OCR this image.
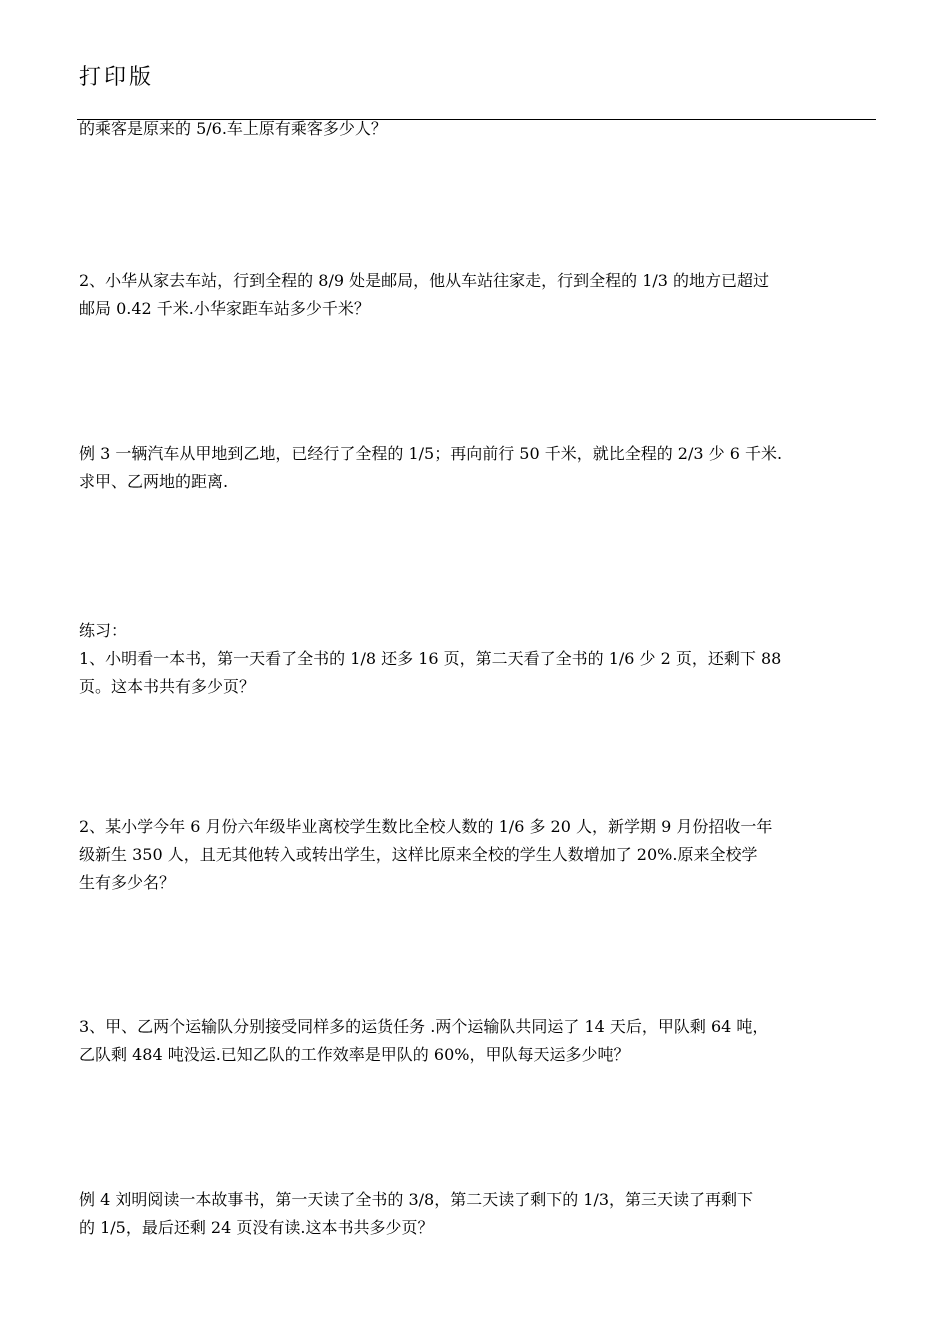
打印版

的乘客是原来的 5/6.车上原有乘客多少人？

2、小华从家去车站，行到全程的 8/9 处是邮局，他从车站往家走，行到全程的 1/3 的地方已超过

邮局 0.42 千米.小华家距车站多少千米？

例 3 一辆汽车从甲地到乙地，已经行了全程的 1/5；再向前行 50 千米，就比全程的 2/3 少 6 千米.

求甲、乙两地的距离.

练习：

1、小明看一本书，第一天看了全书的 1/8 还多 16 页，第二天看了全书的 1/6 少 2 页，还剩下 88

页。这本书共有多少页？

2、某小学今年 6 月份六年级毕业离校学生数比全校人数的 1/6 多 20 人，新学期 9 月份招收一年

级新生 350 人，且无其他转入或转出学生，这样比原来全校的学生人数增加了 20%.原来全校学

生有多少名？

3、甲、乙两个运输队分别接受同样多的运货任务 .两个运输队共同运了 14 天后，甲队剩 64 吨，

乙队剩 484 吨没运.已知乙队的工作效率是甲队的 60%，甲队每天运多少吨？

例 4 刘明阅读一本故事书，第一天读了全书的 3/8，第二天读了剩下的 1/3，第三天读了再剩下

的 1/5，最后还剩 24 页没有读.这本书共多少页？
